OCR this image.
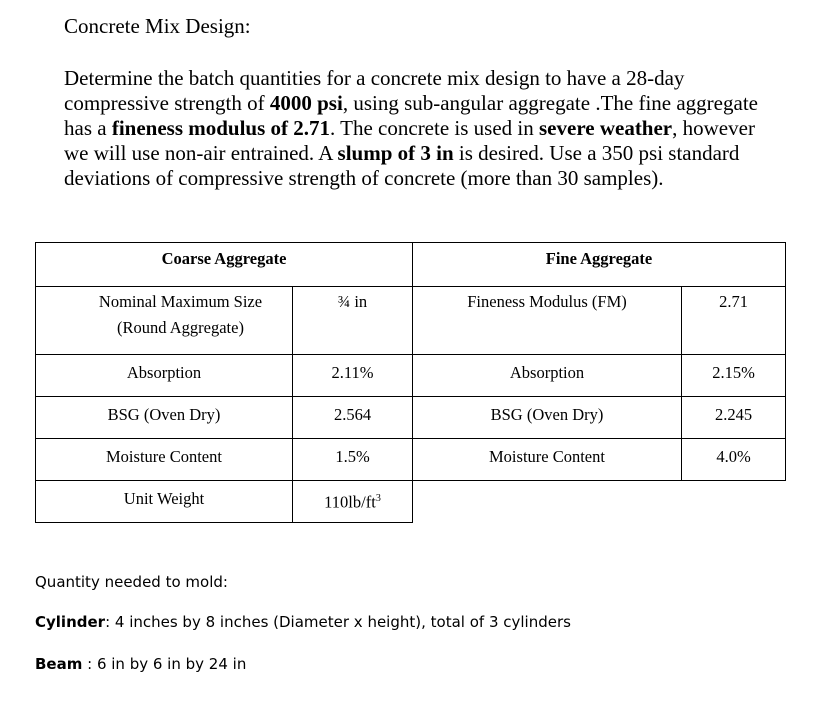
Concrete Mix Design:
Determine the batch quantities for a concrete mix design to have a 28-day compressive strength of 4000 psi, using sub-angular aggregate .The fine aggregate has a fineness modulus of 2.71. The concrete is used in severe weather, however we will use non-air entrained. A slump of 3 in is desired. Use a 350 psi standard deviations of compressive strength of concrete (more than 30 samples).
Coarse Aggregate		Fine Aggregate	

Nominal Maximum Size
(Round Aggregate)	¾ in	Fineness Modulus (FM)	2.71

Absorption	2.11%	Absorption	2.15%

BSG (Oven Dry)	2.564	BSG (Oven Dry)	2.245

Moisture Content	1.5%	Moisture Content	4.0%

Unit Weight	$110lb/ft^3$

Quantity needed to mold:
Cylinder: 4 inches by 8 inches (Diameter x height), total of 3 cylinders
Beam : 6 in by 6 in by 24 in
